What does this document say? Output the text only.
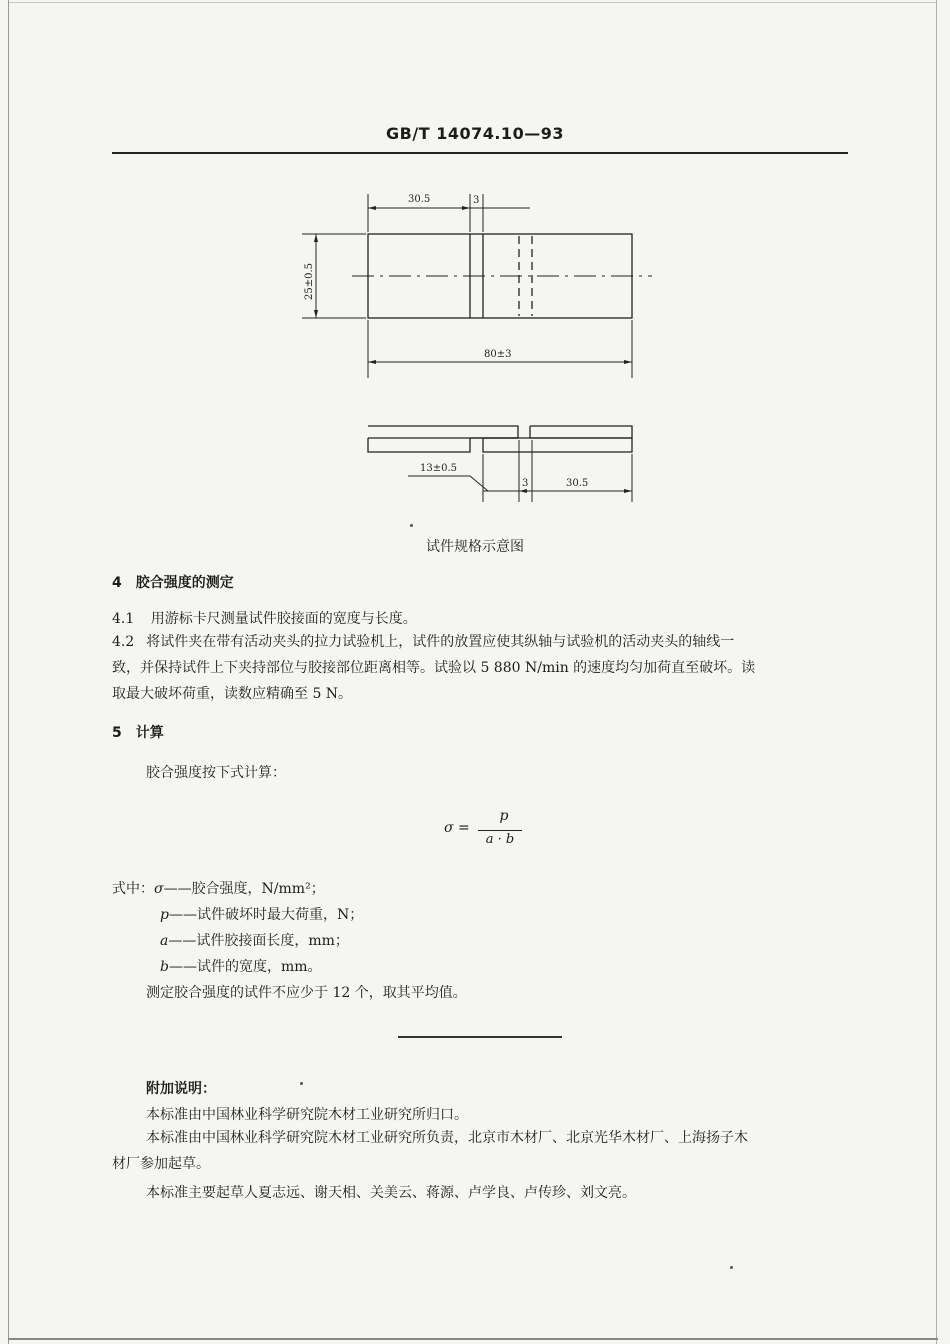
GB/T 14074.10—93
30.5	3
25±0.5
80±3
13±0.5
3	30.5
试件规格示意图
4　胶合强度的测定
4.1 用游标卡尺测量试件胶接面的宽度与长度。
4.2 将试件夹在带有活动夹头的拉力试验机上，试件的放置应使其纵轴与试验机的活动夹头的轴线一
致，并保持试件上下夹持部位与胶接部位距离相等。试验以 5 880 N/min 的速度均匀加荷直至破坏。读
取最大破坏荷重，读数应精确至 5 N。
5　计算
胶合强度按下式计算：
σ =
p
a · b
式中：σ——胶合强度，N/mm²；
p——试件破坏时最大荷重，N；
a——试件胶接面长度，mm；
b——试件的宽度，mm。
测定胶合强度的试件不应少于 12 个，取其平均值。
附加说明：
本标准由中国林业科学研究院木材工业研究所归口。
本标准由中国林业科学研究院木材工业研究所负责，北京市木材厂、北京光华木材厂、上海扬子木
材厂参加起草。
本标准主要起草人夏志远、谢天相、关美云、蒋源、卢学良、卢传珍、刘文亮。
